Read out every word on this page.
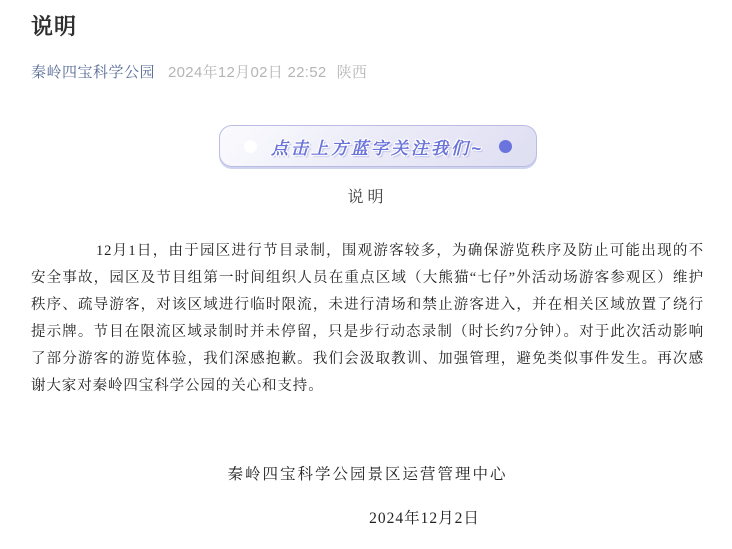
说明
秦岭四宝科学公园 2024年12月02日 22:52 陕西
点击上方蓝字关注我们~
说明

12月1日，由于园区进行节目录制，围观游客较多，为确保游览秩序及防止可能出现的不安全事故，园区及节目组第一时间组织人员在重点区域（大熊猫“七仔”外活动场游客参观区）维护秩序、疏导游客，对该区域进行临时限流，未进行清场和禁止游客进入，并在相关区域放置了绕行提示牌。节目在限流区域录制时并未停留，只是步行动态录制（时长约7分钟）。对于此次活动影响了部分游客的游览体验，我们深感抱歉。我们会汲取教训、加强管理，避免类似事件发生。再次感谢大家对秦岭四宝科学公园的关心和支持。

秦岭四宝科学公园景区运营管理中心
2024年12月2日
